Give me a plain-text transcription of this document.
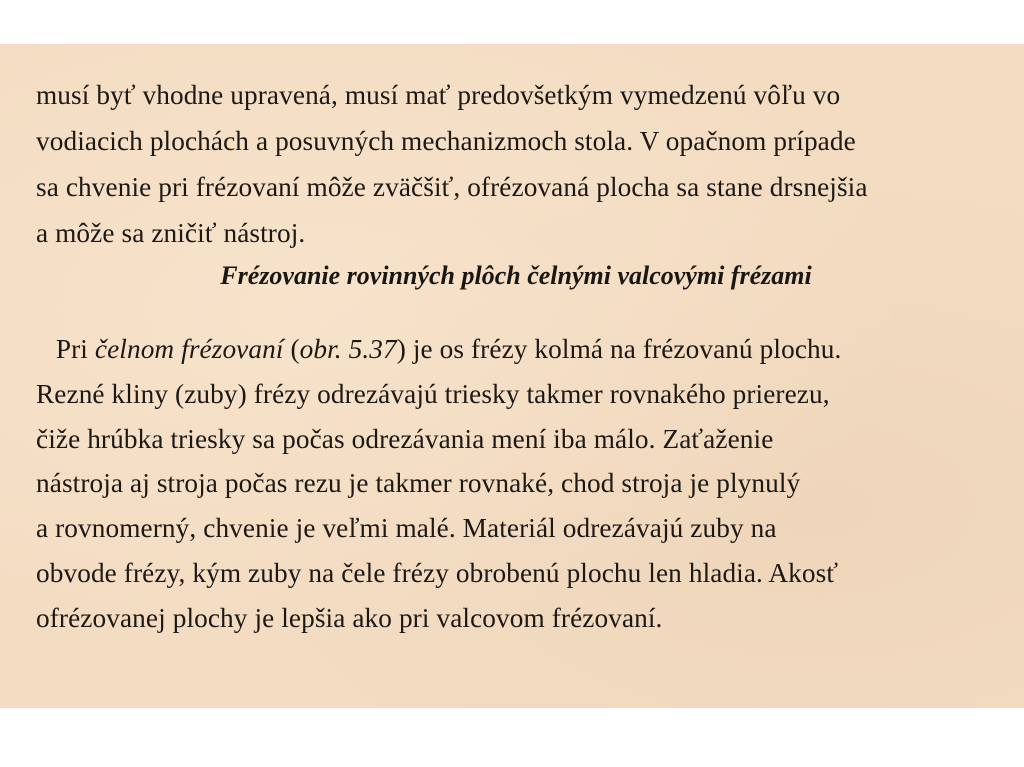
musí byť vhodne upravená, musí mať predovšetkým vymedzenú vôľu vo
vodiacich plochách a posuvných mechanizmoch stola. V opačnom prípade
sa chvenie pri frézovaní môže zväčšiť, ofrézovaná plocha sa stane drsnejšia
a môže sa zničiť nástroj.
Frézovanie rovinných plôch čelnými valcovými frézami
Pri čelnom frézovaní (obr. 5.37) je os frézy kolmá na frézovanú plochu.
Rezné kliny (zuby) frézy odrezávajú triesky takmer rovnakého prierezu,
čiže hrúbka triesky sa počas odrezávania mení iba málo. Zaťaženie
nástroja aj stroja počas rezu je takmer rovnaké, chod stroja je plynulý
a rovnomerný, chvenie je veľmi malé. Materiál odrezávajú zuby na
obvode frézy, kým zuby na čele frézy obrobenú plochu len hladia. Akosť
ofrézovanej plochy je lepšia ako pri valcovom frézovaní.
